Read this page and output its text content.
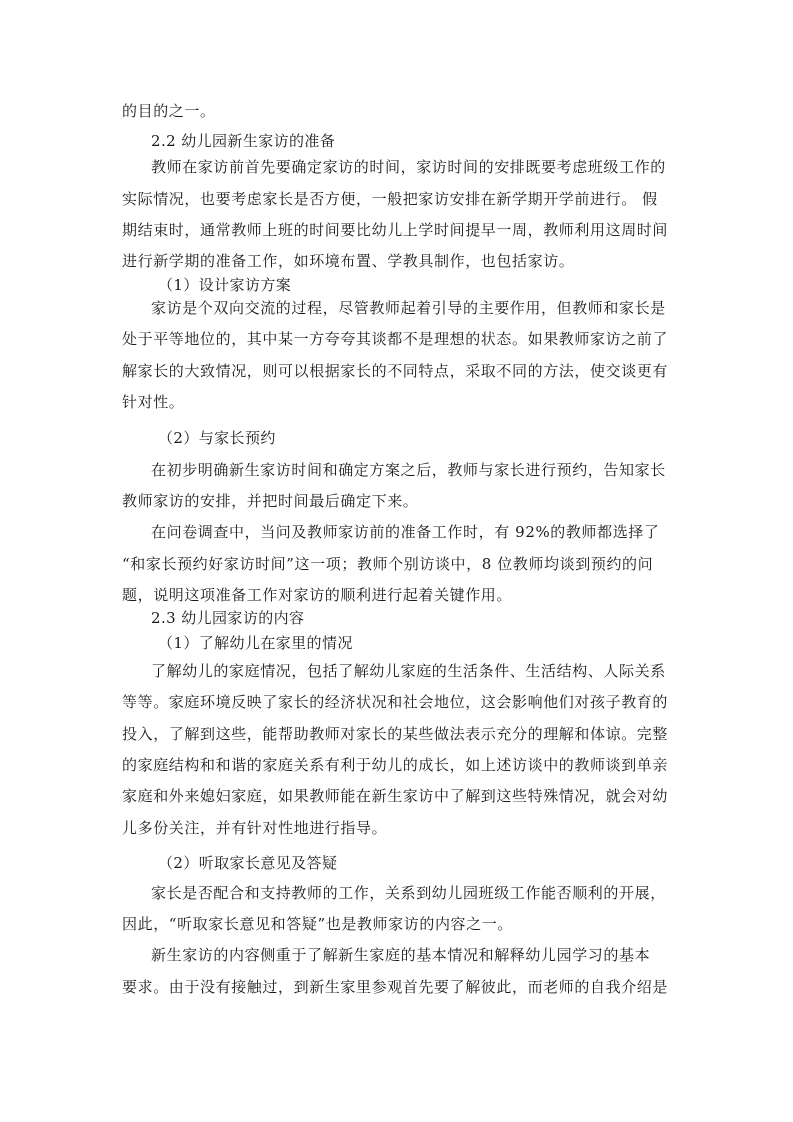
的目的之一。
2.2 幼儿园新生家访的准备
教师在家访前首先要确定家访的时间，家访时间的安排既要考虑班级工作的
实际情况，也要考虑家长是否方便，一般把家访安排在新学期开学前进行。 假
期结束时，通常教师上班的时间要比幼儿上学时间提早一周，教师利用这周时间
进行新学期的准备工作，如环境布置、学教具制作，也包括家访。
（1）设计家访方案
家访是个双向交流的过程，尽管教师起着引导的主要作用，但教师和家长是
处于平等地位的，其中某一方夸夸其谈都不是理想的状态。如果教师家访之前了
解家长的大致情况，则可以根据家长的不同特点，采取不同的方法，使交谈更有
针对性。
（2）与家长预约
在初步明确新生家访时间和确定方案之后，教师与家长进行预约，告知家长
教师家访的安排，并把时间最后确定下来。
在问卷调查中，当问及教师家访前的准备工作时，有 92%的教师都选择了
“和家长预约好家访时间”这一项；教师个别访谈中，8 位教师均谈到预约的问
题，说明这项准备工作对家访的顺利进行起着关键作用。
2.3 幼儿园家访的内容
（1）了解幼儿在家里的情况
了解幼儿的家庭情况，包括了解幼儿家庭的生活条件、生活结构、人际关系
等等。家庭环境反映了家长的经济状况和社会地位，这会影响他们对孩子教育的
投入，了解到这些，能帮助教师对家长的某些做法表示充分的理解和体谅。完整
的家庭结构和和谐的家庭关系有利于幼儿的成长，如上述访谈中的教师谈到单亲
家庭和外来媳妇家庭，如果教师能在新生家访中了解到这些特殊情况，就会对幼
儿多份关注，并有针对性地进行指导。
（2）听取家长意见及答疑
家长是否配合和支持教师的工作，关系到幼儿园班级工作能否顺利的开展，
因此，“听取家长意见和答疑”也是教师家访的内容之一。
新生家访的内容侧重于了解新生家庭的基本情况和解释幼儿园学习的基本
要求。由于没有接触过，到新生家里参观首先要了解彼此，而老师的自我介绍是
